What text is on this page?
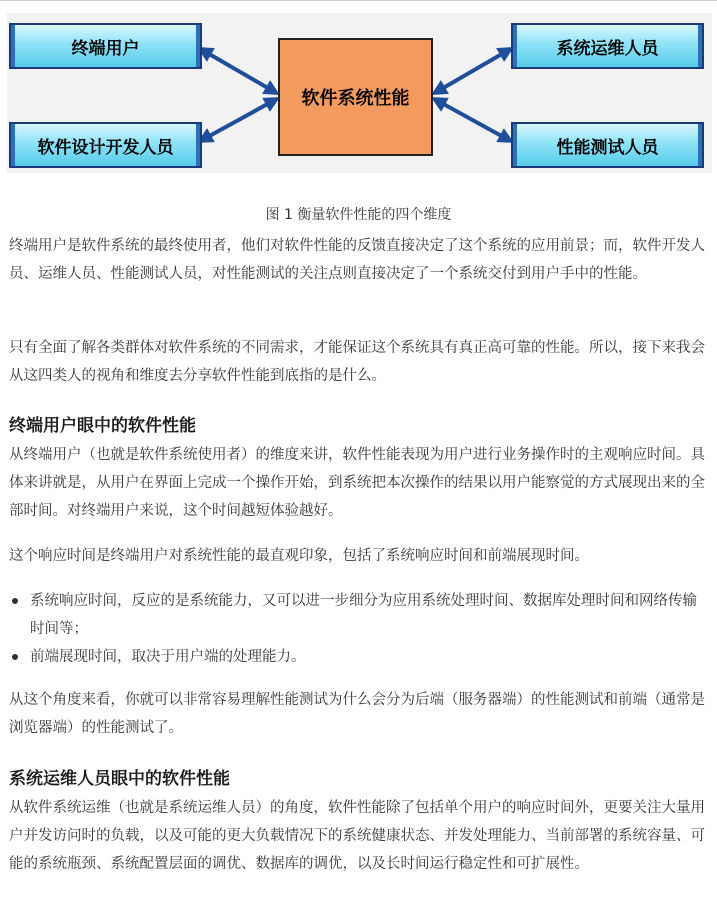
终端用户
软件设计开发人员
系统运维人员
性能测试人员
软件系统性能
图 1 衡量软件性能的四个维度
终端用户是软件系统的最终使用者，他们对软件性能的反馈直接决定了这个系统的应用前景；而，软件开发人员、运维人员、性能测试人员，对性能测试的关注点则直接决定了一个系统交付到用户手中的性能。
只有全面了解各类群体对软件系统的不同需求，才能保证这个系统具有真正高可靠的性能。所以，接下来我会从这四类人的视角和维度去分享软件性能到底指的是什么。
终端用户眼中的软件性能
从终端用户（也就是软件系统使用者）的维度来讲，软件性能表现为用户进行业务操作时的主观响应时间。具体来讲就是，从用户在界面上完成一个操作开始，到系统把本次操作的结果以用户能察觉的方式展现出来的全部时间。对终端用户来说，这个时间越短体验越好。
这个响应时间是终端用户对系统性能的最直观印象，包括了系统响应时间和前端展现时间。
系统响应时间，反应的是系统能力，又可以进一步细分为应用系统处理时间、数据库处理时间和网络传输时间等；
前端展现时间，取决于用户端的处理能力。
从这个角度来看，你就可以非常容易理解性能测试为什么会分为后端（服务器端）的性能测试和前端（通常是浏览器端）的性能测试了。
系统运维人员眼中的软件性能
从软件系统运维（也就是系统运维人员）的角度，软件性能除了包括单个用户的响应时间外，更要关注大量用户并发访问时的负载，以及可能的更大负载情况下的系统健康状态、并发处理能力、当前部署的系统容量、可能的系统瓶颈、系统配置层面的调优、数据库的调优，以及长时间运行稳定性和可扩展性。
